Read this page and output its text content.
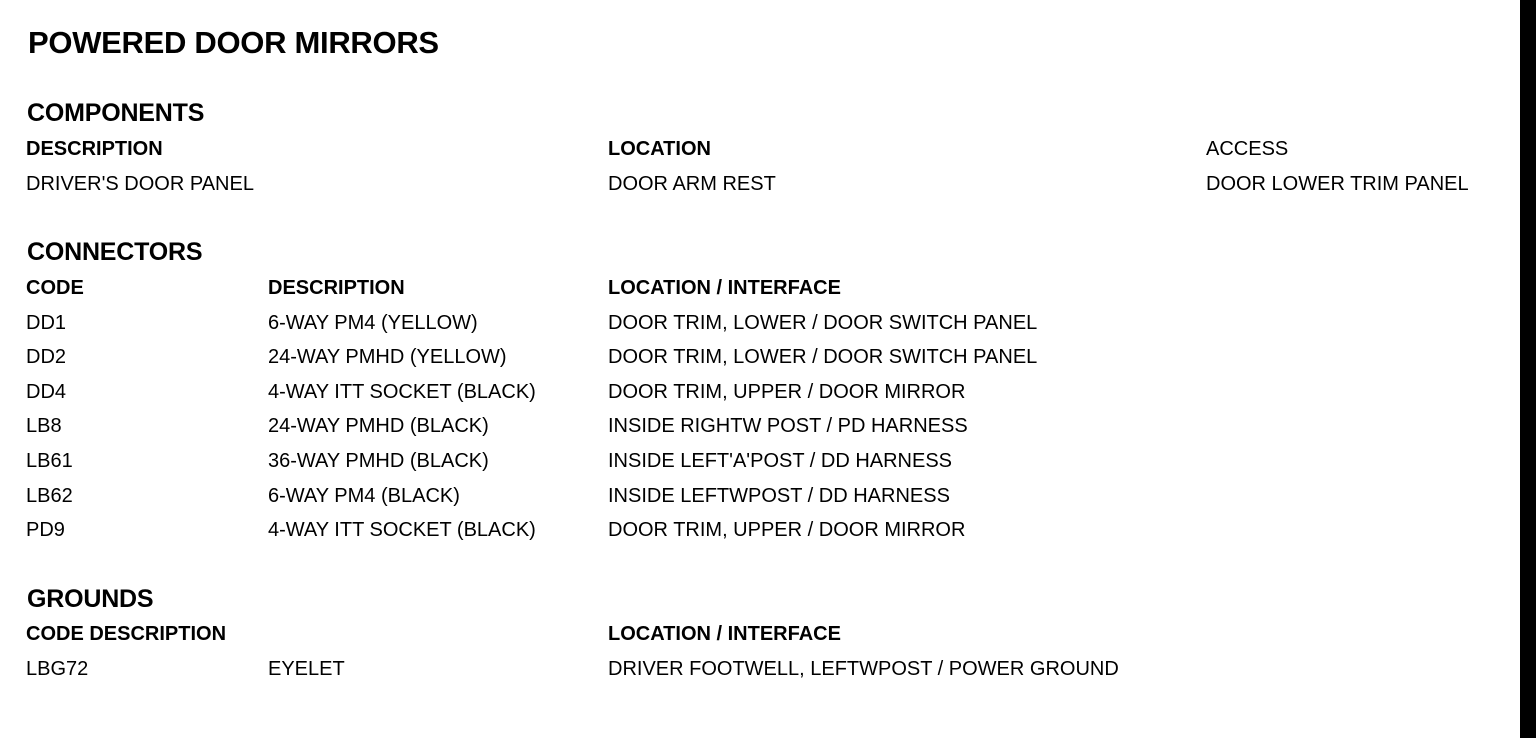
POWERED DOOR MIRRORS
COMPONENTS
DESCRIPTION	LOCATION	ACCESS
DRIVER'S DOOR PANEL	DOOR ARM REST	DOOR LOWER TRIM PANEL
CONNECTORS
CODE	DESCRIPTION	LOCATION / INTERFACE
DD1	6-WAY PM4 (YELLOW)	DOOR TRIM, LOWER / DOOR SWITCH PANEL
DD2	24-WAY PMHD (YELLOW)	DOOR TRIM, LOWER / DOOR SWITCH PANEL
DD4	4-WAY ITT SOCKET (BLACK)	DOOR TRIM, UPPER / DOOR MIRROR
LB8	24-WAY PMHD (BLACK)	INSIDE RIGHTW POST / PD HARNESS
LB61	36-WAY PMHD (BLACK)	INSIDE LEFT'A'POST / DD HARNESS
LB62	6-WAY PM4 (BLACK)	INSIDE LEFTWPOST / DD HARNESS
PD9	4-WAY ITT SOCKET (BLACK)	DOOR TRIM, UPPER / DOOR MIRROR
GROUNDS
CODE DESCRIPTION	LOCATION / INTERFACE
LBG72	EYELET	DRIVER FOOTWELL, LEFTWPOST / POWER GROUND
